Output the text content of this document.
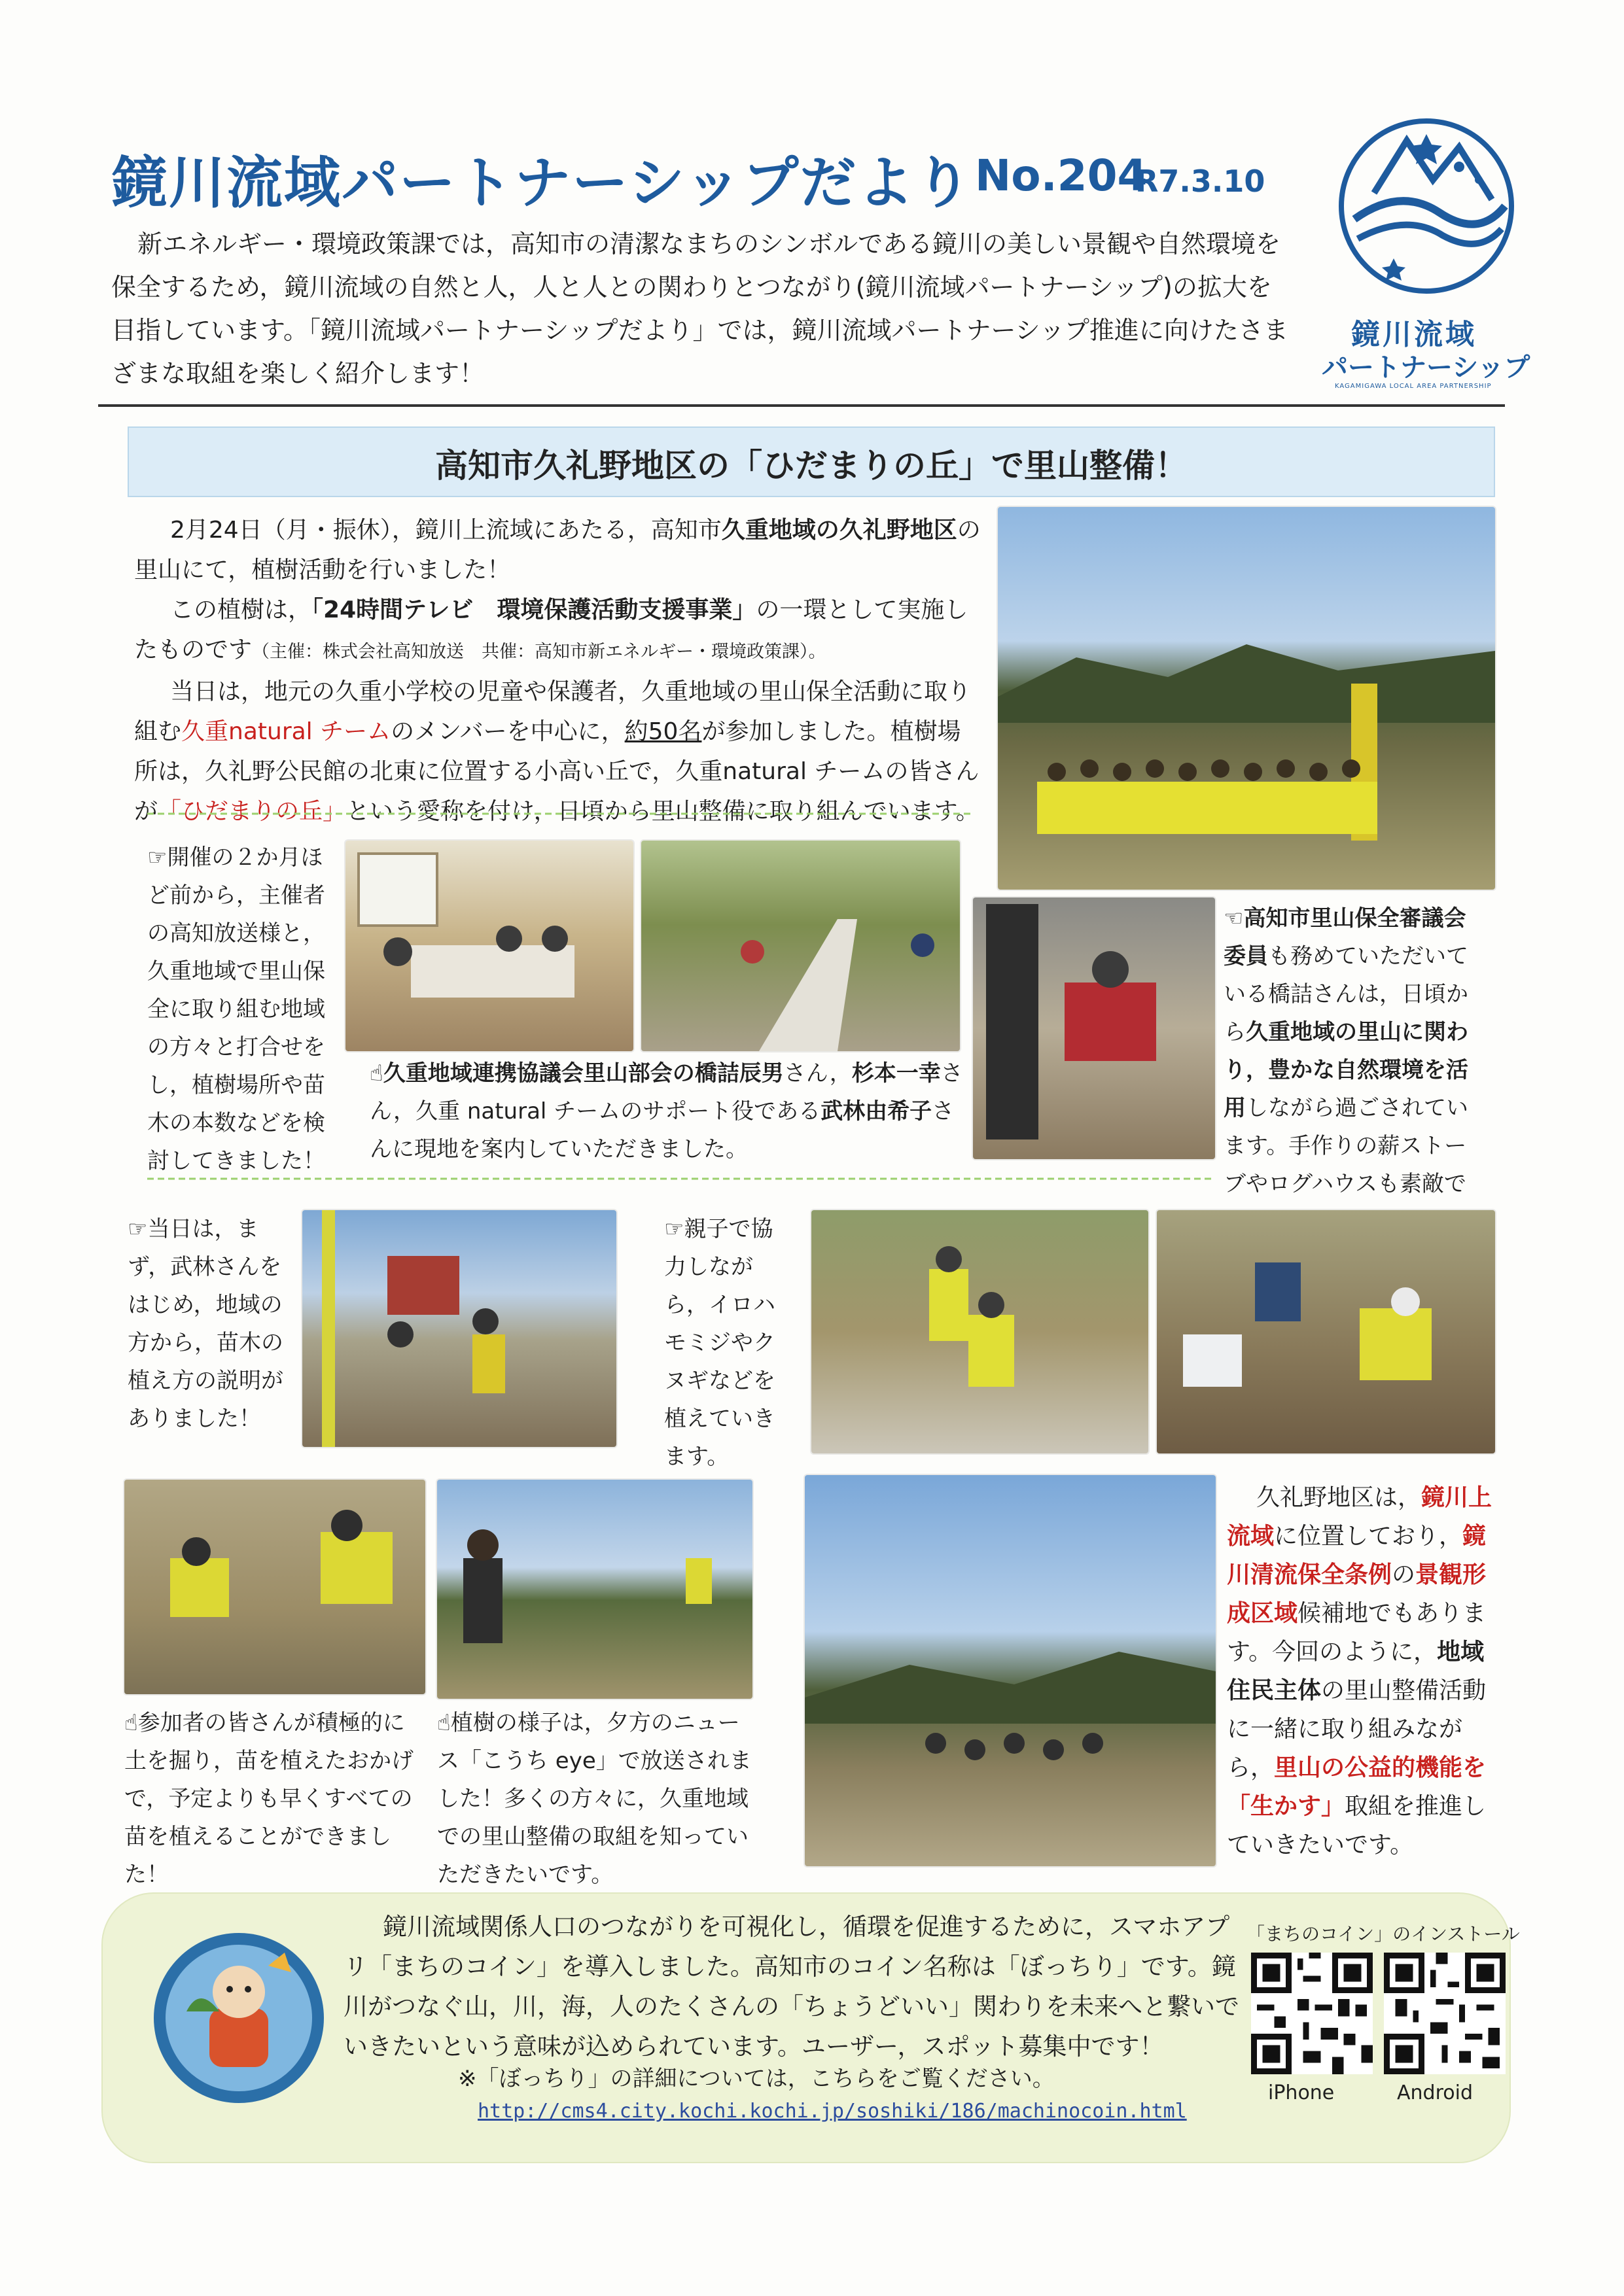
鏡川流域パートナーシップだより No.204
R7.3.10
新エネルギー・環境政策課では，高知市の清潔なまちのシンボルである鏡川の美しい景観や自然環境を保全するため，鏡川流域の自然と人，人と人との関わりとつながり(鏡川流域パートナーシップ)の拡大を目指しています。「鏡川流域パートナーシップだより」では，鏡川流域パートナーシップ推進に向けたさまざまな取組を楽しく紹介します！
鏡川流域
パートナーシップ
KAGAMIGAWA LOCAL AREA PARTNERSHIP
高知市久礼野地区の「ひだまりの丘」で里山整備！
2月24日（月・振休），鏡川上流域にあたる，高知市久重地域の久礼野地区の里山にて，植樹活動を行いました！
この植樹は，「24時間テレビ　環境保護活動支援事業」の一環として実施したものです（主催：株式会社高知放送　共催：高知市新エネルギー・環境政策課）。
当日は，地元の久重小学校の児童や保護者，久重地域の里山保全活動に取り組む久重natural チームのメンバーを中心に，約50名が参加しました。植樹場所は，久礼野公民館の北東に位置する小高い丘で，久重natural チームの皆さんが「ひだまりの丘」という愛称を付け，日頃から里山整備に取り組んでいます。
☞開催の２か月ほど前から，主催者の高知放送様と，久重地域で里山保全に取り組む地域の方々と打合せをし，植樹場所や苗木の本数などを検討してきました！
☝久重地域連携協議会里山部会の橋詰辰男さん，杉本一幸さん，久重 natural チームのサポート役である武林由希子さんに現地を案内していただきました。
☜高知市里山保全審議会委員も務めていただいている橋詰さんは，日頃から久重地域の里山に関わり，豊かな自然環境を活用しながら過ごされています。手作りの薪ストーブやログハウスも素敵で
☞当日は，まず，武林さんをはじめ，地域の方から，苗木の植え方の説明がありました！
☞親子で協力しながら，イロハモミジやクヌギなどを植えていきます。
☝参加者の皆さんが積極的に土を掘り，苗を植えたおかげで，予定よりも早くすべての苗を植えることができました！
☝植樹の様子は，夕方のニュース「こうち eye」で放送されました！多くの方々に，久重地域での里山整備の取組を知っていただきたいです。
久礼野地区は，鏡川上流域に位置しており，鏡川清流保全条例の景観形成区域候補地でもあります。今回のように，地域住民主体の里山整備活動に一緒に取り組みながら，里山の公益的機能を「生かす」取組を推進していきたいです。
鏡川流域関係人口のつながりを可視化し，循環を促進するために，スマホアプリ「まちのコイン」を導入しました。高知市のコイン名称は「ぼっちり」です。鏡川がつなぐ山，川，海，人のたくさんの「ちょうどいい」関わりを未来へと繋いでいきたいという意味が込められています。ユーザー，スポット募集中です！
※「ぼっちり」の詳細については，こちらをご覧ください。
http://cms4.city.kochi.kochi.jp/soshiki/186/machinocoin.html
「まちのコイン」のインストール
iPhone	Android
